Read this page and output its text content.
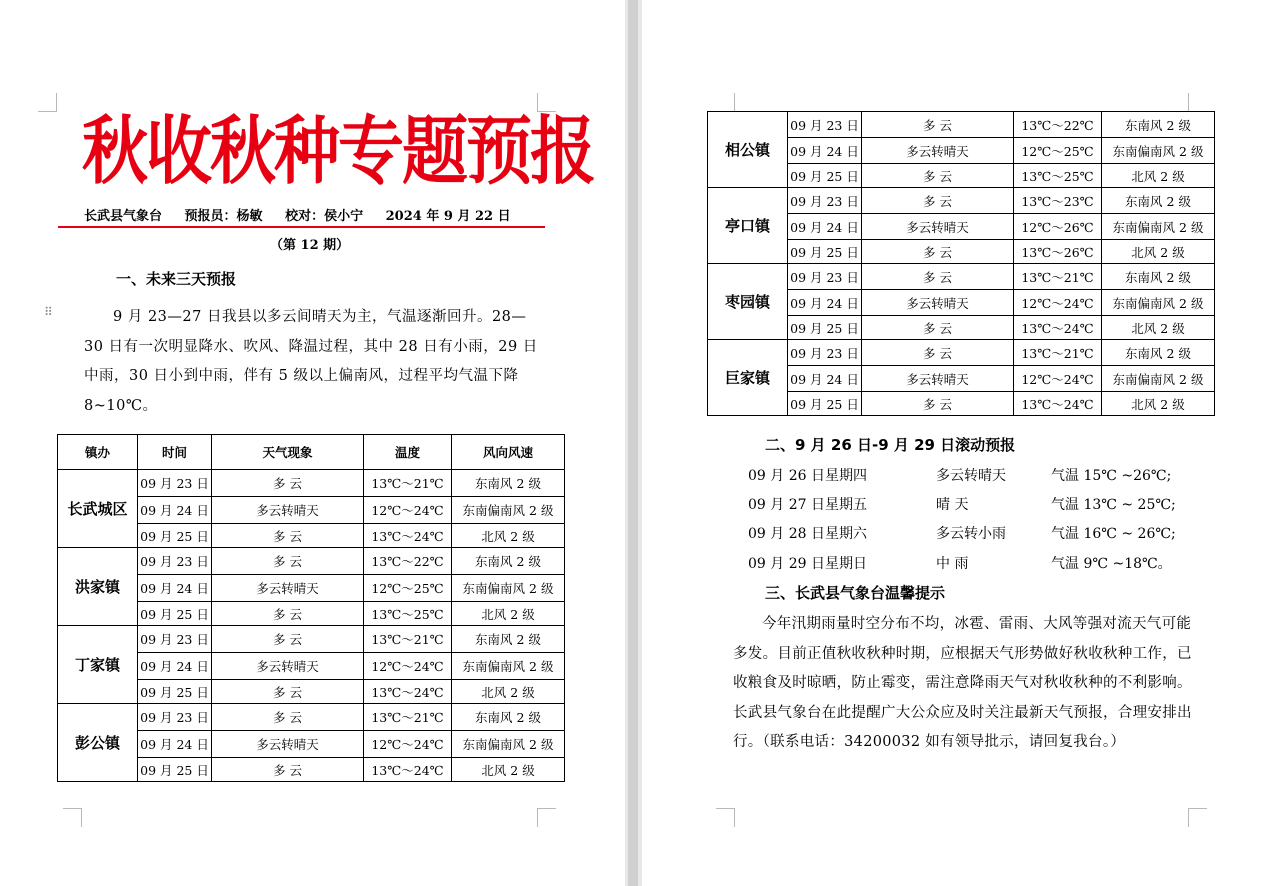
秋收秋种专题预报
长武县气象台 预报员：杨敏 校对：侯小宁 2024 年 9 月 22 日
（第 12 期）
一、未来三天预报
⠿	9 月 23—27 日我县以多云间晴天为主，气温逐渐回升。28—30 日有一次明显降水、吹风、降温过程，其中 28 日有小雨，29 日中雨，30 日小到中雨，伴有 5 级以上偏南风，过程平均气温下降 8~10℃。
镇办	时间	天气现象	温度	风向风速
长武城区	09 月 23 日	多 云	13℃～21℃	东南风 2 级
	09 月 24 日	多云转晴天	12℃～24℃	东南偏南风 2 级
	09 月 25 日	多 云	13℃～24℃	北风 2 级
洪家镇	09 月 23 日	多 云	13℃～22℃	东南风 2 级
	09 月 24 日	多云转晴天	12℃～25℃	东南偏南风 2 级
	09 月 25 日	多 云	13℃～25℃	北风 2 级
丁家镇	09 月 23 日	多 云	13℃～21℃	东南风 2 级
	09 月 24 日	多云转晴天	12℃～24℃	东南偏南风 2 级
	09 月 25 日	多 云	13℃～24℃	北风 2 级
彭公镇	09 月 23 日	多 云	13℃～21℃	东南风 2 级
	09 月 24 日	多云转晴天	12℃～24℃	东南偏南风 2 级
	09 月 25 日	多 云	13℃～24℃	北风 2 级
相公镇	09 月 23 日	多 云	13℃～22℃	东南风 2 级
	09 月 24 日	多云转晴天	12℃～25℃	东南偏南风 2 级
	09 月 25 日	多 云	13℃～25℃	北风 2 级
亭口镇	09 月 23 日	多 云	13℃～23℃	东南风 2 级
	09 月 24 日	多云转晴天	12℃～26℃	东南偏南风 2 级
	09 月 25 日	多 云	13℃～26℃	北风 2 级
枣园镇	09 月 23 日	多 云	13℃～21℃	东南风 2 级
	09 月 24 日	多云转晴天	12℃～24℃	东南偏南风 2 级
	09 月 25 日	多 云	13℃～24℃	北风 2 级
巨家镇	09 月 23 日	多 云	13℃～21℃	东南风 2 级
	09 月 24 日	多云转晴天	12℃～24℃	东南偏南风 2 级
	09 月 25 日	多 云	13℃～24℃	北风 2 级
二、9 月 26 日-9 月 29 日滚动预报
09 月 26 日星期四	多云转晴天	气温 15℃ ~26℃;
09 月 27 日星期五	晴 天	气温 13℃ ~ 25℃;
09 月 28 日星期六	多云转小雨	气温 16℃ ~ 26℃;
09 月 29 日星期日	中 雨	气温 9℃ ~18℃。
三、长武县气象台温馨提示
今年汛期雨量时空分布不均，冰雹、雷雨、大风等强对流天气可能多发。目前正值秋收秋种时期，应根据天气形势做好秋收秋种工作，已收粮食及时晾晒，防止霉变，需注意降雨天气对秋收秋种的不利影响。长武县气象台在此提醒广大公众应及时关注最新天气预报，合理安排出行。（联系电话：34200032 如有领导批示，请回复我台。）
